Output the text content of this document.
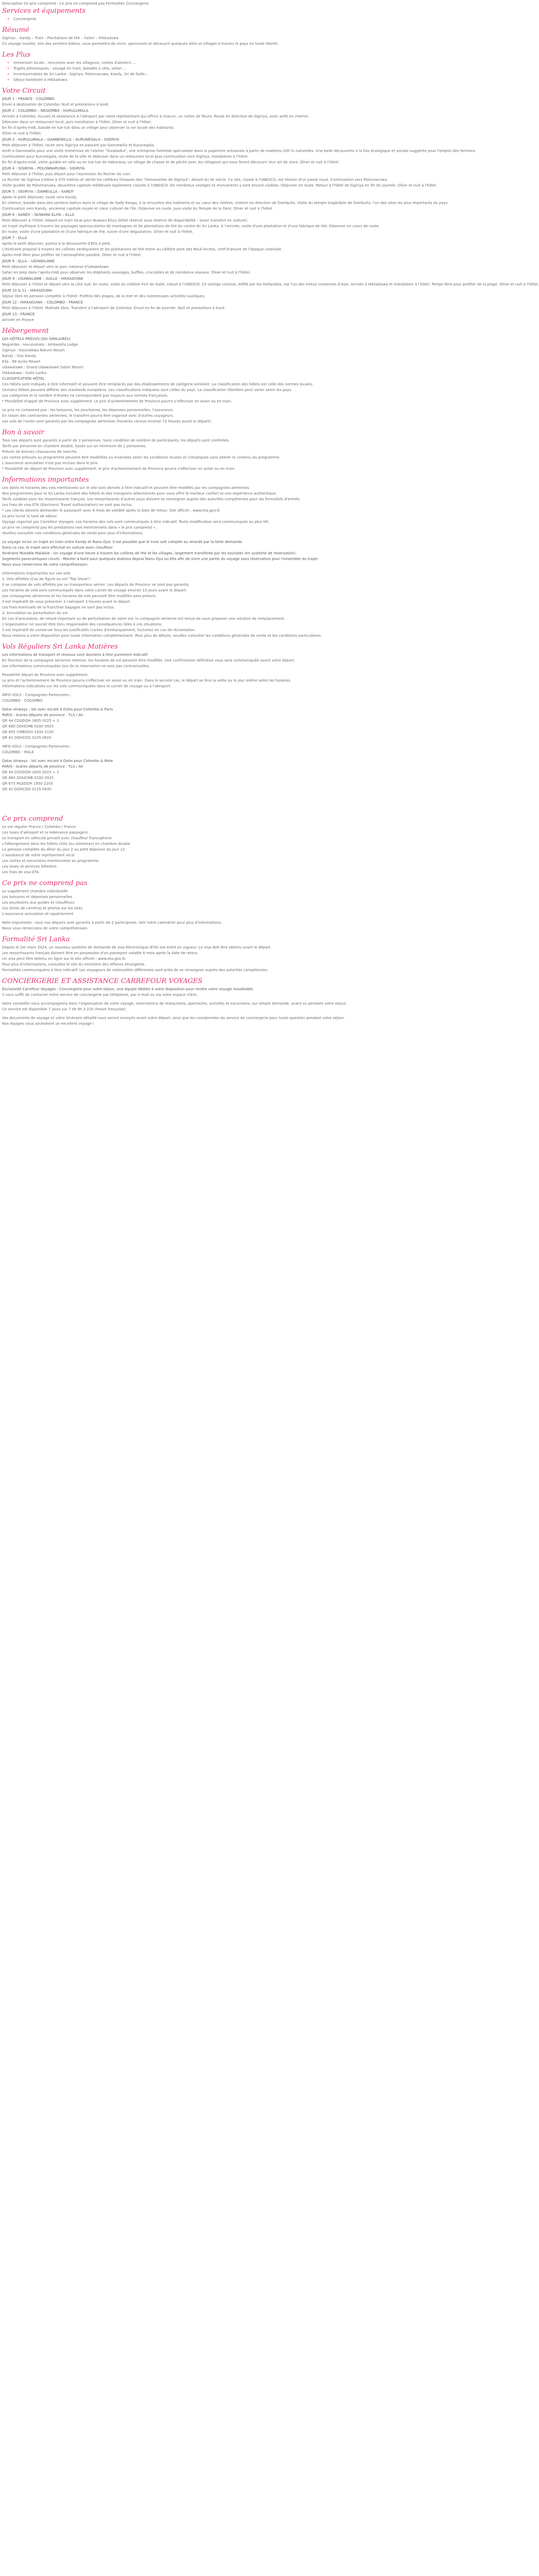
Description Ce prix comprend : Ce prix ne comprend pas Formalités Conciergerie

Services et équipements
• Conciergerie
Résumé

Sigiriya – Kandy – Train - Plantations de thé – Safari – Hikkaduwa

Ce voyage insolite, loin des sentiers battus, vous permettra de vivre, apercevoir et découvrir quelques sites et villages à travers le pays en toute liberté.

Les Plus
• Immersion locale : rencontre avec les villageois, visites d'ateliers …
• Trajets pittoresques : voyage en train, balades à vélo, safari …
• Incontournables de Sri Lanka : Sigiriya, Polonnaruwa, Kandy, Sri de Galle…
• Séjour balnéaire à Hikkaduwa
Votre Circuit

JOUR 1 : FRANCE - COLOMBO

Envol à destination de Colombo. Nuit et prestations à bord.

JOUR 2 : COLOMBO – NEGOMBO - HURULUMALA

Arrivée à Colombo. Accueil et assistance à l'aéroport par notre représentant qui offrira à chacun, un collier de fleurs. Route en direction de Sigiriya, avec arrêt en chemin.

Déjeuner dans un restaurant local, puis installation à l'hôtel. Dîner et nuit à l'hôtel.

En fin d'après-midi, balade en tuk-tuk dans un village pour observer la vie locale des habitants.

Dîner et nuit à l'hôtel.

JOUR 3 : HURULUMALA – GANNEWILLA – KURUNEGALA - SIGIRIYA

Petit déjeuner à l'hôtel, route vers Sigiriya en passant par Gannewilla et Kurunegala.

Arrêt à Gannewilla pour une visite immersive de l'atelier "Sivabadra", une entreprise familiale spécialisée dans la papeterie artisanale à partir de matières 100 % naturelles. Une belle découverte à la fois écologique et sociale suggérée pour l'emploi des femmes.

Continuation pour Kurunegala, visite de la ville et déjeuner dans un restaurant local puis continuation vers Sigiriya. Installation à l'hôtel.

En fin d'après-midi, visite guidée en vélo ou en tuk-tuk de Habarana, un village de chasse et de pêche avec les villageois qui vous feront découvrir leur art de vivre. Dîner et nuit à l'hôtel.

JOUR 4 : SIGIRIYA – POLONNARUWA - SIGIRIYA

Petit déjeuner à l'hôtel, puis départ pour l'ascension du Rocher du Lion.

Le Rocher de Sigiriya s'élève à 370 mètres et abrite les célèbres fresques des "Demoiselles de Sigiriya", datant du Ve siècle. Ce site, classé à l'UNESCO, est témoin d'un passé royal. Continuation vers Polonnaruwa.

Visite guidée de Polonnaruwa, deuxième capitale médiévale également classée à l'UNESCO. De nombreux vestiges et monuments y sont encore visibles. Déjeuner en route. Retour à l'hôtel de Sigiriya en fin de journée. Dîner et nuit à l'hôtel.

JOUR 5 : SIGIRIYA – DAMBULLA – KANDY

Après le petit déjeuner, route vers Kandy.

En chemin, balade dans des sentiers battus dans le village de Galle Kanga, à la rencontre des habitants et au cœur des rizières, chemin en direction de Dambulla. Visite du temple troglodyte de Dambulla, l'un des sites les plus importants du pays.

Continuation vers Kandy, ancienne capitale royale et cœur culturel de l'île. Déjeuner en route, puis visite du Temple de la Dent. Dîner et nuit à l'hôtel.

JOUR 6 : KANDY – NUWARA ELIYA – ELLA

Petit déjeuner à l'hôtel. Départ en train local pour Nuwara Eliya (billet réservé sous réserve de disponibilité – sinon transfert en voiture).

Un trajet mythique à travers les paysages spectaculaires de montagnes et de plantations de thé du centre du Sri Lanka. À l'arrivée, visite d'une plantation et d'une fabrique de thé. Déjeuner en cours de route.

En route, visite d'une plantation et d'une fabrique de thé, suivie d'une dégustation. Dîner et nuit à l'hôtel.

JOUR 7 : ELLA

Après le petit déjeuner, partez à la découverte d'Ella à pied.

L'itinéraire proposé à travers les collines verdoyantes et les plantations de thé mène au célèbre pont des Neuf Arches, chef-d'œuvre de l'époque coloniale.

Après-midi libre pour profiter de l'atmosphère paisible. Dîner et nuit à l'hôtel.

JOUR 8 : ELLA – UDAWALAWE

Petit déjeuner et départ vers le parc national d'Udawalawe.

Safari en jeep dans l'après-midi pour observer les éléphants sauvages, buffles, crocodiles et de nombreux oiseaux. Dîner et nuit à l'hôtel.

JOUR 9 : UDAWALAWE – GALLE - HIKKADUWA

Petit déjeuner à l'hôtel et départ vers la côte sud. En route, visite du célèbre Fort de Galle, classé à l'UNESCO. Ce vestige colonial, édifié par les Hollandais, est l'un des mieux conservés d'Asie. Arrivée à Hikkaduwa et installation à l'hôtel. Temps libre pour profiter de la plage. Dîner et nuit à l'hôtel.

JOUR 10 & 11 : HIKKADUWA

Séjour libre en pension complète à l'hôtel. Profitez des plages, de la mer et des nombreuses activités nautiques.

JOUR 12 : HIKKADUWA – COLOMBO - FRANCE

Petit déjeuner à l'hôtel. Matinée libre. Transfert à l'aéroport de Colombo. Envol en fin de journée. Nuit et prestations à bord.

JOUR 13 : FRANCE

Arrivée en France

Hébergement

LES HÔTELS PRÉVUS (OU SIMILAIRES)

Negombo - Hurulumala : Ambarella Lodge

Sigiriya : Kalundewa Nature Resort

Kandy : Ozo Kandy

Ella : 98 Acres Resort

Udawalawe : Grand Udawalawe Safari Resort

Hikkaduwa : Suite Lanka

CLASSIFICATION HÔTEL

Ces hôtels sont indiqués à titre informatif et peuvent être remplacés par des établissements de catégorie similaire. La classification des hôtels est celle des normes locales.

Certains hôtels peuvent différer des standards européens. Les classifications indiquées sont celles du pays. La classification hôtelière peut varier selon les pays.

Les catégories et le nombre d'étoiles ne correspondent pas toujours aux normes françaises.

* Possibilité d'appel de Province avec supplément. Le prix d'acheminement de Province pourra s'effectuer en avion ou en train.

Le prix ne comprend pas : les boissons, les pourboires, les dépenses personnelles, l'assurance.

En raison des contraintes aériennes, le transfert pourra être organisé avec d'autres voyageurs.

Les vols de l'avion sont garantis par les compagnies aériennes (horaires connus environ 72 heures avant le départ).

Bon à savoir

Tous nos départs sont garantis à partir de 2 personnes. Sans condition de nombre de participants, les départs sont confirmés.

Tarifs par personne en chambre double, basés sur un minimum de 2 personnes.

Prévoir de bonnes chaussures de marche.

Les visites prévues au programme peuvent être modifiées ou inversées selon les conditions locales et climatiques sans altérer le contenu du programme.

L'assurance annulation n'est pas incluse dans le prix.

* Possibilité de départ de Province avec supplément, le prix d'acheminement de Province pourra s'effectuer en avion ou en train.

Informations importantes

Les dates et horaires des vols mentionnés sur le site sont donnés à titre indicatif et peuvent être modifiés par les compagnies aériennes.

Nos programmes pour le Sri Lanka incluent des hôtels et des transports sélectionnés pour vous offrir le meilleur confort et une expérience authentique.

Tarifs valables pour les ressortissants français. Les ressortissants d'autres pays doivent se renseigner auprès des autorités compétentes pour les formalités d'entrée.

Les frais de visa ETA (Electronic Travel Authorization) ne sont pas inclus.

* Les clients doivent demander le passeport avec 6 mois de validité après la date de retour. Site officiel : www.eta.gov.lk

Le prix inclut la taxe de séjour.

Voyage organisé par Carrefour Voyages. Les horaires des vols sont communiqués à titre indicatif. Toute modification sera communiquée au plus tôt.

Le prix ne comprend pas les prestations non mentionnées dans « le prix comprend ».

Veuillez consulter nos conditions générales de vente pour plus d'informations.

Le voyage inclut un trajet en train entre Kandy et Nanu Oya. Il est possible que le train soit complet ou retardé par la forte demande.

Dans ce cas, le trajet sera effectué en voiture avec chauffeur.

Itinéraire Mutable Malaisie : Un voyage d'une heure à travers les collines de thé et les villages, largement transférée par les touristes (en système de réservation).

Segments panoramiques courts : Monter à bord pour quelques stations depuis Nanu Oya ou Ella afin de vivre une partie du voyage sans réservation pour l'ensemble du trajet.

Nous vous remercions de votre compréhension.

Informations importantes sur vos vols

1. Vols affrétés (Cas de figure ou vol "Top Show")

Il se compose de vols affrétés par un transporteur aérien. Les départs de Province ne sont pas garantis.

Les horaires de vols sont communiqués dans votre carnet de voyage environ 10 jours avant le départ.

Les compagnies aériennes et les horaires de vols peuvent être modifiés sans préavis.

Il est impératif de vous présenter à l'aéroport 3 heures avant le départ.

Les frais éventuels de la franchise bagages ne sont pas inclus.

2. Annulation ou perturbation du vol

En cas d'annulation, de retard important ou de perturbation de votre vol, la compagnie aérienne est tenue de vous proposer une solution de remplacement.

L'organisateur ne saurait être tenu responsable des conséquences liées à ces situations.

Il est impératif de conserver tous les justificatifs (cartes d'embarquement, factures) en cas de réclamation.

Nous restons à votre disposition pour toute information complémentaire. Pour plus de détails, veuillez consulter les conditions générales de vente et les conditions particulières.

Vols Réguliers Sri Lanka Matières

Les informations de transport et réseaux sont données à titre purement indicatif.

En fonction de la compagnie aérienne retenue, les horaires de vol peuvent être modifiés. Une confirmation définitive vous sera communiquée avant votre départ.

Les informations communiquées lors de la réservation ne sont pas contractuelles.

Possibilité départ de Province avec supplément.

Le prix et l'acheminement de Province pourra s'effectuer en avion ou en train. Dans le second cas, le départ se fera la veille ou le jour même selon les horaires.

Informations indicatives sur les vols communiquées dans le carnet de voyage ou à l'aéroport.

INFO VOLS - Compagnies Partenaires :

COLOMBO - COLOMBO

Qatar Airways : Vol avec escale à Doha pour Colombo & Paris

PARIS - Autres départs de province : TLS / Air

QR 44 CDGDOH 1605 0025 + 1

QR 660 DOHCMB 0200 0925

QR 655 CMBDOH 1930 2150

QR 41 DOHCDG 0105 0620

INFO VOLS - Compagnies Partenaires :

COLOMBO - MALE

Qatar Airways : Vol avec escale à Doha pour Colombo & Male

PARIS - Autres départs de province : TLS / Air

QR 44 CDGDOH 1605 0025 + 1

QR 660 DOHCMB 0200 0925

QR 675 MLEDOH 1950 2205

QR 41 DOHCDG 0125 0630

Ce prix comprend

Le vol régulier France / Colombo / France

Les taxes d'aéroport et la redevance passagers

Le transport en véhicule privatif avec chauffeur francophone

L'hébergement dans les hôtels cités (ou similaires) en chambre double

La pension complète du dîner du jour 2 au petit déjeuner du jour 12

L'assistance de notre représentant local

Les visites et excursions mentionnées au programme

Les taxes et services hôteliers

Les frais de visa ETA

Ce prix ne comprend pas

Le supplément chambre individuelle

Les boissons et dépenses personnelles

Les pourboires aux guides et chauffeurs

Les droits de caméras et photos sur les sites

L'assurance annulation et rapatriement

Note importante : tous nos départs sont garantis à partir de 2 participants. Voir notre calendrier pour plus d'informations.

Nous vous remercions de votre compréhension.

Formalité Sri Lanka

Depuis le 1er mars 2024, un nouveau système de demande de visa électronique (ETA) est entré en vigueur. Le visa doit être obtenu avant le départ.

Les ressortissants français doivent être en possession d'un passeport valable 6 mois après la date de retour.

Un visa peut être obtenu en ligne sur le site officiel : www.eta.gov.lk.

Pour plus d'informations, consultez le site du ministère des Affaires étrangères.

Formalités communiquées à titre indicatif. Les voyageurs de nationalités différentes sont priés de se renseigner auprès des autorités compétentes.

CONCIERGERIE ET ASSISTANCE CARREFOUR VOYAGES

Exclusivité Carrefour Voyages : Conciergerie pour votre séjour, une équipe dédiée à votre disposition pour rendre votre voyage inoubliable.

Il vous suffit de contacter notre service de conciergerie par téléphone, par e-mail ou via votre espace client.

Votre conseiller vous accompagnera dans l'organisation de votre voyage, réservations de restaurants, spectacles, activités et excursions, sur simple demande, avant ou pendant votre séjour.

Ce service est disponible 7 jours sur 7 de 9h à 21h (heure française).

Vos documents de voyage et votre itinéraire détaillé vous seront envoyés avant votre départ, ainsi que les coordonnées du service de conciergerie pour toute question pendant votre séjour.

Nos équipes vous souhaitent un excellent voyage !
